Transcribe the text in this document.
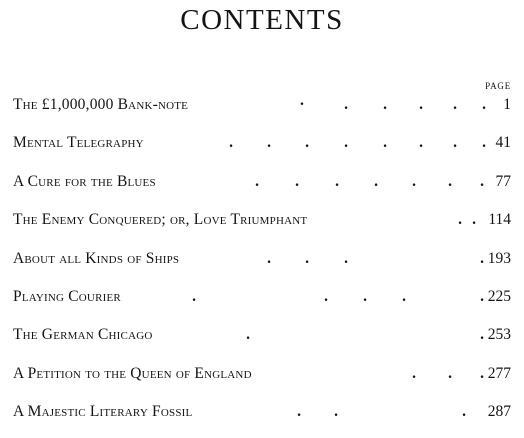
CONTENTS
PAGE
The £1,000,000 Bank-note	·	. . . . . 1
Mental Telegraphy	. . . . . . . . 41
A Cure for the Blues	. . . . . . . 77
The Enemy Conquered; or, Love Triumphant	. . 114
About all Kinds of Ships	. . .	. 193
Playing Courier	.	. . .	. 225
The German Chicago	.	. 253
A Petition to the Queen of England	. . . 277
A Majestic Literary Fossil	. .	. 287
